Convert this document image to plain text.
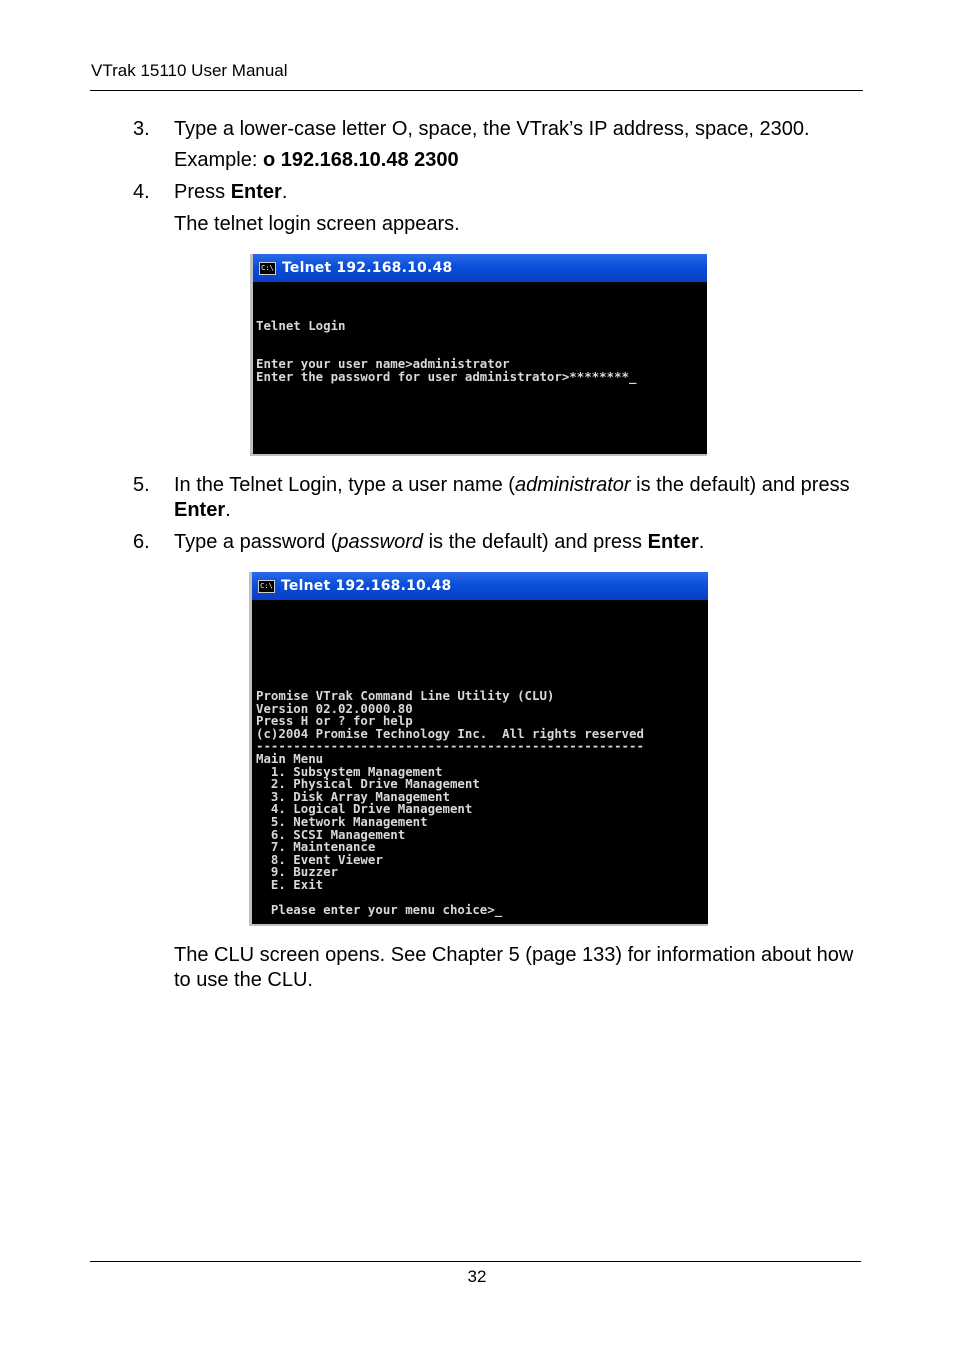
VTrak 15110 User Manual
3. Type a lower-case letter O, space, the VTrak’s IP address, space, 2300.
Example: o 192.168.10.48 2300
4. Press Enter.
The telnet login screen appears.
C:\ Telnet 192.168.10.48
Telnet Login

Enter your user name>administrator
Enter the password for user administrator>********_
5. In the Telnet Login, type a user name (administrator is the default) and press Enter.
6. Type a password (password is the default) and press Enter.
C:\ Telnet 192.168.10.48
Promise VTrak Command Line Utility (CLU)
Version 02.02.0000.80
Press H or ? for help
(c)2004 Promise Technology Inc.  All rights reserved
----------------------------------------------------
Main Menu
1. Subsystem Management
2. Physical Drive Management
3. Disk Array Management
4. Logical Drive Management
5. Network Management
6. SCSI Management
7. Maintenance
8. Event Viewer
9. Buzzer
E. Exit

Please enter your menu choice>_
The CLU screen opens. See Chapter 5 (page 133) for information about how to use the CLU.
32
